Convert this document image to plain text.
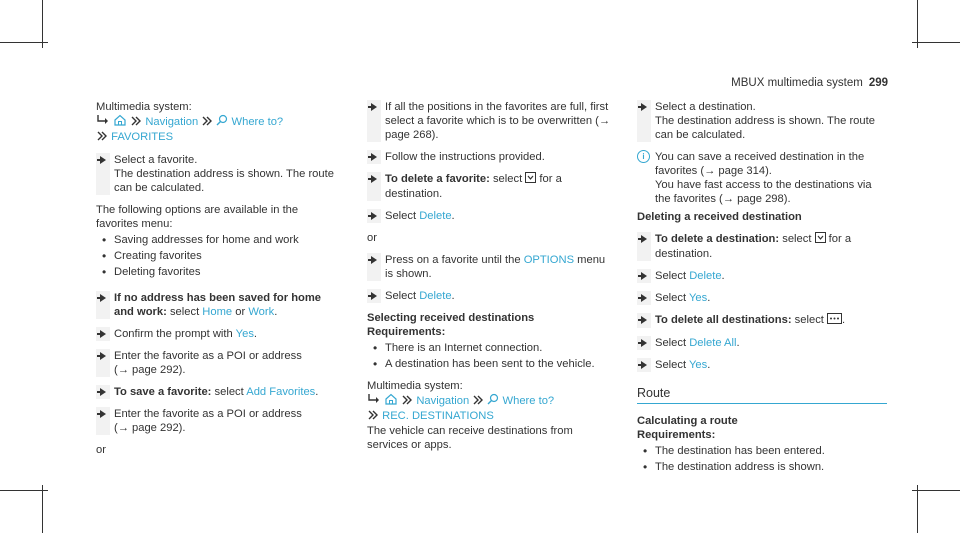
MBUX multimedia system 299

Multimedia system:

Navigation	Where to?
FAVORITES

Select a favorite.

The destination address is shown. The route can be calculated.

The following options are available in the favorites menu:

• Saving addresses for home and work
• Creating favorites
• Deleting favorites

If no address has been saved for home and work: select Home or Work.

Confirm the prompt with Yes.

Enter the favorite as a POI or address

(→ page 292).

To save a favorite: select Add Favorites.

Enter the favorite as a POI or address

(→ page 292).

or

If all the positions in the favorites are full, first select a favorite which is to be overwritten (→ page 268).

Follow the instructions provided.

To delete a favorite: select  for a destination.

Select Delete.

or

Press on a favorite until the OPTIONS menu is shown.

Select Delete.

Selecting received destinations

Requirements:

• There is an Internet connection.
• A destination has been sent to the vehicle.

Multimedia system:

Navigation	Where to?
REC. DESTINATIONS

The vehicle can receive destinations from services or apps.

Select a destination.

The destination address is shown. The route can be calculated.

i You can save a received destination in the favorites (→ page 314).

You have fast access to the destinations via the favorites (→ page 298).

Deleting a received destination

To delete a destination: select  for a destination.

Select Delete.

Select Yes.

To delete all destinations: select .

Select Delete All.

Select Yes.

Route

Calculating a route

Requirements:

• The destination has been entered.
• The destination address is shown.
